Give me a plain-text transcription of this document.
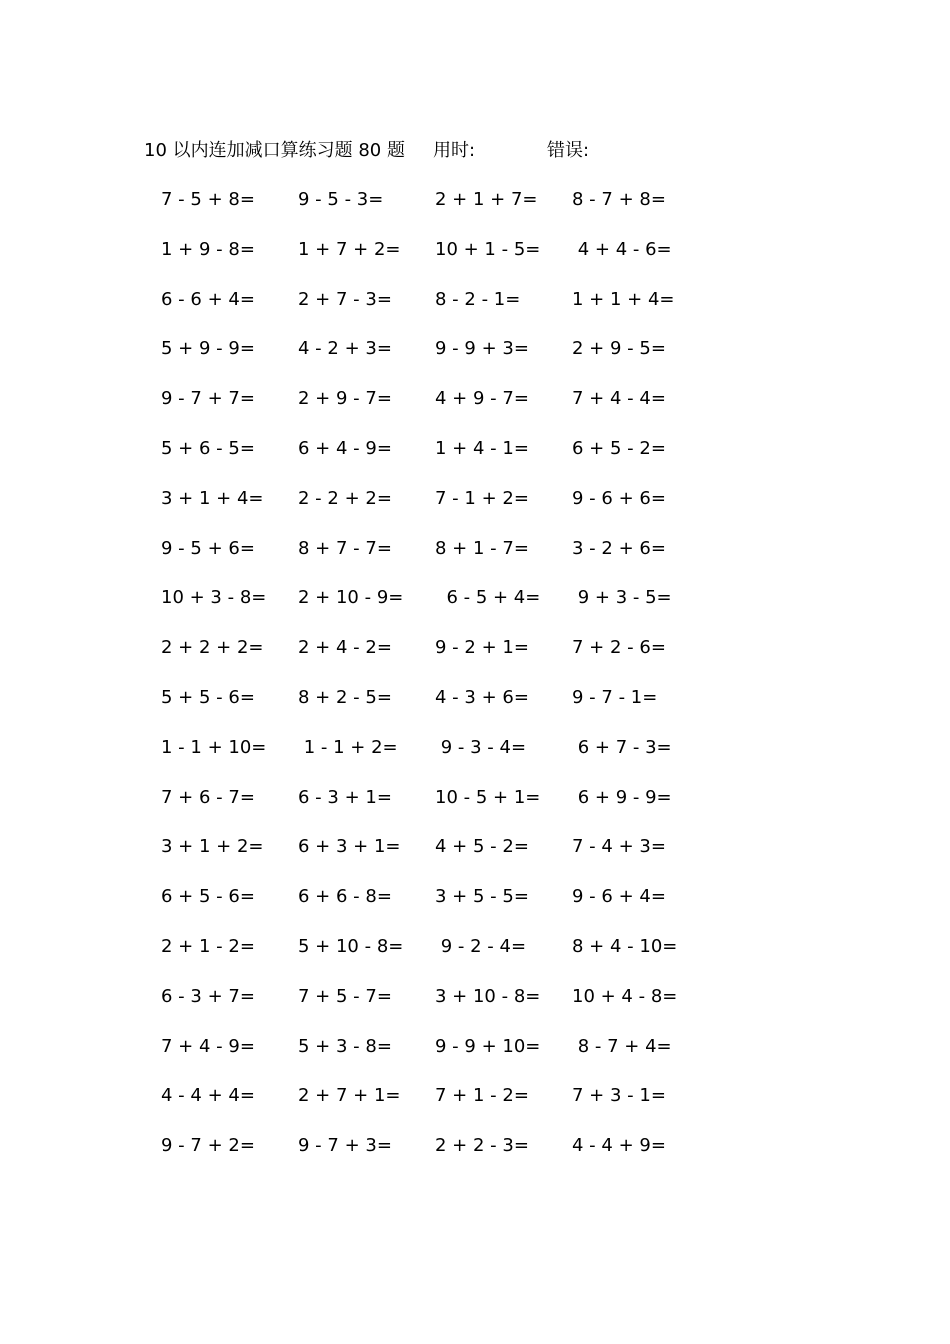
10 以内连加减口算练习题 80 题 用时:	错误:
7 - 5 + 8= 9 - 5 - 3=	2 + 1 + 7= 8 - 7 + 8=
1 + 9 - 8= 1 + 7 + 2= 10 + 1 - 5= 4 + 4 - 6=
6 - 6 + 4= 2 + 7 - 3= 8 - 2 - 1=	1 + 1 + 4=
5 + 9 - 9= 4 - 2 + 3= 9 - 9 + 3= 2 + 9 - 5=
9 - 7 + 7= 2 + 9 - 7= 4 + 9 - 7= 7 + 4 - 4=
5 + 6 - 5= 6 + 4 - 9= 1 + 4 - 1= 6 + 5 - 2=
3 + 1 + 4= 2 - 2 + 2= 7 - 1 + 2= 9 - 6 + 6=
9 - 5 + 6= 8 + 7 - 7= 8 + 1 - 7= 3 - 2 + 6=
10 + 3 - 8= 2 + 10 - 9= 6 - 5 + 4= 9 + 3 - 5=
2 + 2 + 2= 2 + 4 - 2= 9 - 2 + 1= 7 + 2 - 6=
5 + 5 - 6= 8 + 2 - 5= 4 - 3 + 6= 9 - 7 - 1=
1 - 1 + 10= 1 - 1 + 2= 9 - 3 - 4=	6 + 7 - 3=
7 + 6 - 7= 6 - 3 + 1= 10 - 5 + 1= 6 + 9 - 9=
3 + 1 + 2= 6 + 3 + 1= 4 + 5 - 2= 7 - 4 + 3=
6 + 5 - 6= 6 + 6 - 8= 3 + 5 - 5= 9 - 6 + 4=
2 + 1 - 2= 5 + 10 - 8= 9 - 2 - 4=	8 + 4 - 10=
6 - 3 + 7= 7 + 5 - 7= 3 + 10 - 8= 10 + 4 - 8=
7 + 4 - 9= 5 + 3 - 8= 9 - 9 + 10= 8 - 7 + 4=
4 - 4 + 4= 2 + 7 + 1= 7 + 1 - 2= 7 + 3 - 1=
9 - 7 + 2= 9 - 7 + 3= 2 + 2 - 3= 4 - 4 + 9=
